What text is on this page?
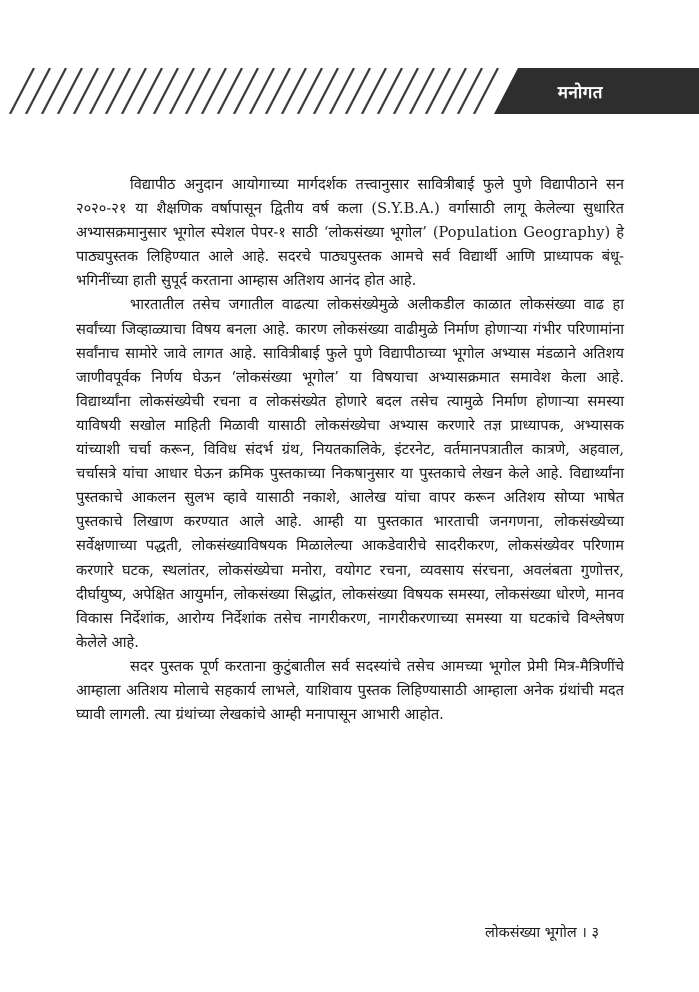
मनोगत

विद्यापीठ अनुदान आयोगाच्या मार्गदर्शक तत्त्वानुसार सावित्रीबाई फुले पुणे विद्यापीठाने सन २०२०-२१ या शैक्षणिक वर्षापासून द्वितीय वर्ष कला (S.Y.B.A.) वर्गासाठी लागू केलेल्या सुधारित अभ्यासक्रमानुसार भूगोल स्पेशल पेपर-१ साठी ‘लोकसंख्या भूगोल’ (Population Geography) हे पाठ्यपुस्तक लिहिण्यात आले आहे. सदरचे पाठ्यपुस्तक आमचे सर्व विद्यार्थी आणि प्राध्यापक बंधू-भगिनींच्या हाती सुपूर्द करताना आम्हास अतिशय आनंद होत आहे.

भारतातील तसेच जगातील वाढत्या लोकसंख्येमुळे अलीकडील काळात लोकसंख्या वाढ हा सर्वांच्या जिव्हाळ्याचा विषय बनला आहे. कारण लोकसंख्या वाढीमुळे निर्माण होणाऱ्या गंभीर परिणामांना सर्वांनाच सामोरे जावे लागत आहे. सावित्रीबाई फुले पुणे विद्यापीठाच्या भूगोल अभ्यास मंडळाने अतिशय जाणीवपूर्वक निर्णय घेऊन ‘लोकसंख्या भूगोल’ या विषयाचा अभ्यासक्रमात समावेश केला आहे. विद्यार्थ्यांना लोकसंख्येची रचना व लोकसंख्येत होणारे बदल तसेच त्यामुळे निर्माण होणाऱ्या समस्या याविषयी सखोल माहिती मिळावी यासाठी लोकसंख्येचा अभ्यास करणारे तज्ञ प्राध्यापक, अभ्यासक यांच्याशी चर्चा करून, विविध संदर्भ ग्रंथ, नियतकालिके, इंटरनेट, वर्तमानपत्रातील कात्रणे, अहवाल, चर्चासत्रे यांचा आधार घेऊन क्रमिक पुस्तकाच्या निकषानुसार या पुस्तकाचे लेखन केले आहे. विद्यार्थ्यांना पुस्तकाचे आकलन सुलभ व्हावे यासाठी नकाशे, आलेख यांचा वापर करून अतिशय सोप्या भाषेत पुस्तकाचे लिखाण करण्यात आले आहे. आम्ही या पुस्तकात भारताची जनगणना, लोकसंख्येच्या सर्वेक्षणाच्या पद्धती, लोकसंख्याविषयक मिळालेल्या आकडेवारीचे सादरीकरण, लोकसंख्येवर परिणाम करणारे घटक, स्थलांतर, लोकसंख्येचा मनोरा, वयोगट रचना, व्यवसाय संरचना, अवलंबता गुणोत्तर, दीर्घायुष्य, अपेक्षित आयुर्मान, लोकसंख्या सिद्धांत, लोकसंख्या विषयक समस्या, लोकसंख्या धोरणे, मानव विकास निर्देशांक, आरोग्य निर्देशांक तसेच नागरीकरण, नागरीकरणाच्या समस्या या घटकांचे विश्लेषण केलेले आहे.

सदर पुस्तक पूर्ण करताना कुटुंबातील सर्व सदस्यांचे तसेच आमच्या भूगोल प्रेमी मित्र-मैत्रिणींचे आम्हाला अतिशय मोलाचे सहकार्य लाभले, याशिवाय पुस्तक लिहिण्यासाठी आम्हाला अनेक ग्रंथांची मदत घ्यावी लागली. त्या ग्रंथांच्या लेखकांचे आम्ही मनापासून आभारी आहोत.

लोकसंख्या भूगोल । ३
